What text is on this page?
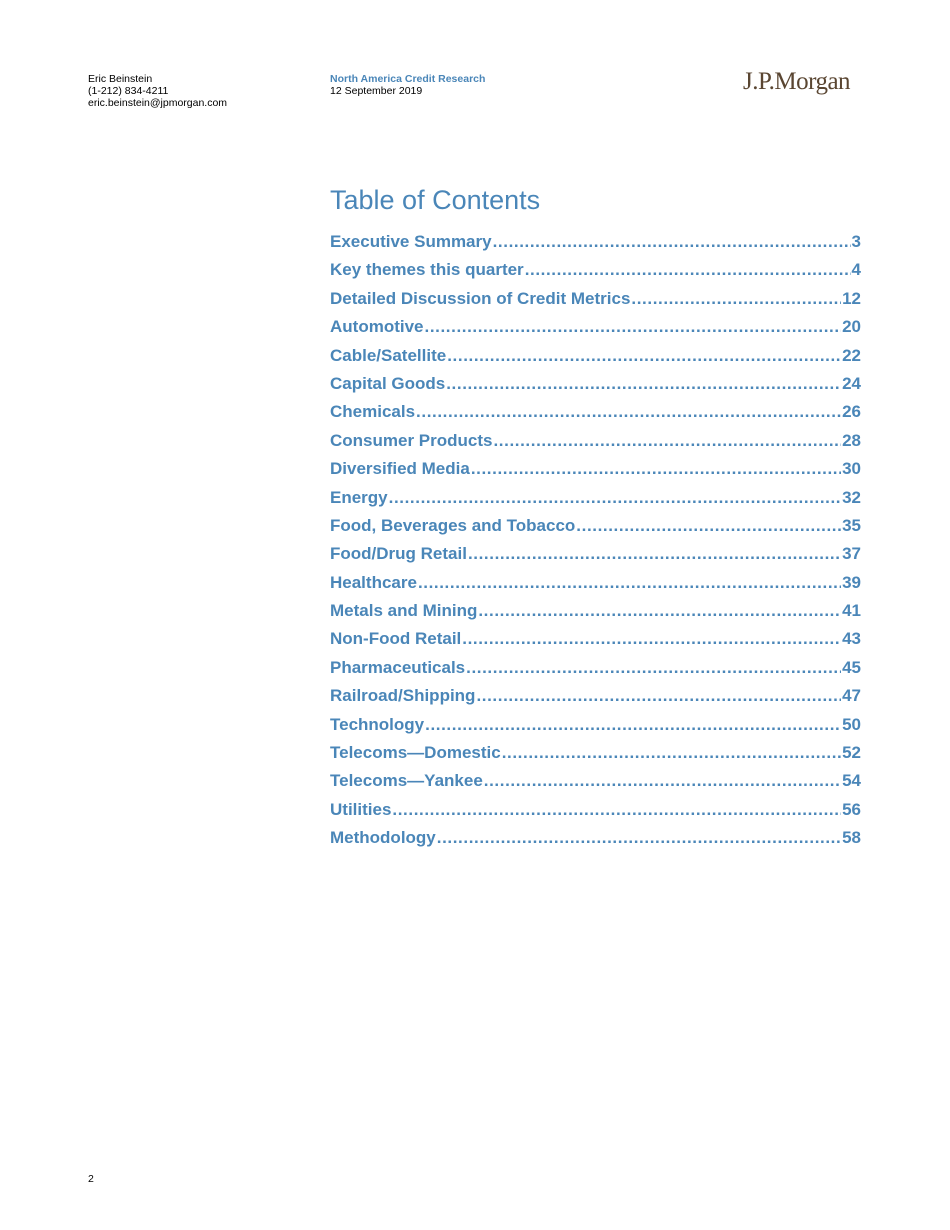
Eric Beinstein
(1-212) 834-4211
eric.beinstein@jpmorgan.com
North America Credit Research
12 September 2019	J.P.Morgan
Table of Contents
Executive Summary .....	3
Key themes this quarter .....	4
Detailed Discussion of Credit Metrics .....	12
Automotive .....	20
Cable/Satellite .....	22
Capital Goods .....	24
Chemicals .....	26
Consumer Products .....	28
Diversified Media .....	30
Energy .....	32
Food, Beverages and Tobacco .....	35
Food/Drug Retail .....	37
Healthcare .....	39
Metals and Mining .....	41
Non-Food Retail .....	43
Pharmaceuticals .....	45
Railroad/Shipping .....	47
Technology .....	50
Telecoms—Domestic .....	52
Telecoms—Yankee .....	54
Utilities .....	56
Methodology .....	58
2
